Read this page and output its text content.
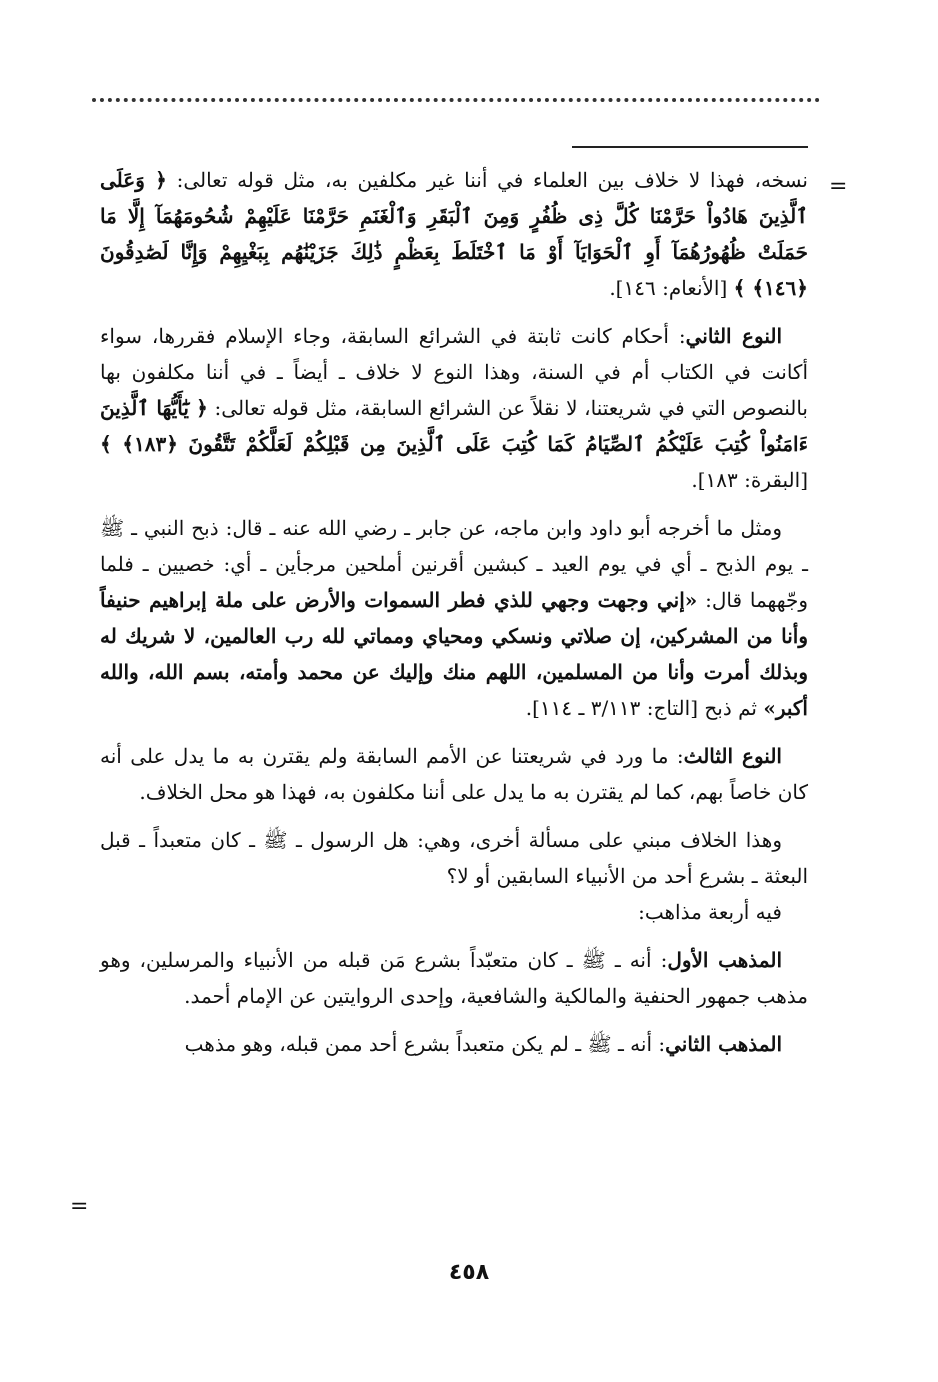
=
=

نسخه، فهذا لا خلاف بين العلماء في أننا غير مكلفين به، مثل قوله تعالى: ﴿ وَعَلَى ٱلَّذِينَ هَادُواْ حَرَّمْنَا كُلَّ ذِى ظُفُرٍ وَمِنَ ٱلْبَقَرِ وَٱلْغَنَمِ حَرَّمْنَا عَلَيْهِمْ شُحُومَهُمَآ إِلَّا مَا حَمَلَتْ ظُهُورُهُمَآ أَوِ ٱلْحَوَايَآ أَوْ مَا ٱخْتَلَطَ بِعَظْمٍ ذَٰلِكَ جَزَيْنَٰهُم بِبَغْيِهِمْ وَإِنَّا لَصَٰدِقُونَ ﴿١٤٦﴾ ﴾ [الأنعام: ١٤٦].

النوع الثاني: أحكام كانت ثابتة في الشرائع السابقة، وجاء الإسلام فقررها، سواء أكانت في الكتاب أم في السنة، وهذا النوع لا خلاف ـ أيضاً ـ في أننا مكلفون بها بالنصوص التي في شريعتنا، لا نقلاً عن الشرائع السابقة، مثل قوله تعالى: ﴿ يَٰٓأَيُّهَا ٱلَّذِينَ ءَامَنُواْ كُتِبَ عَلَيْكُمُ ٱلصِّيَامُ كَمَا كُتِبَ عَلَى ٱلَّذِينَ مِن قَبْلِكُمْ لَعَلَّكُمْ تَتَّقُونَ ﴿١٨٣﴾ ﴾ [البقرة: ١٨٣].

ومثل ما أخرجه أبو داود وابن ماجه، عن جابر ـ رضي الله عنه ـ قال: ذبح النبي ـ ﷺ ـ يوم الذبح ـ أي في يوم العيد ـ كبشين أقرنين أملحين مرجأين ـ أي: خصيين ـ فلما وجّههما قال: «إني وجهت وجهي للذي فطر السموات والأرض على ملة إبراهيم حنيفاً وأنا من المشركين، إن صلاتي ونسكي ومحياي ومماتي لله رب العالمين، لا شريك له وبذلك أمرت وأنا من المسلمين، اللهم منك وإليك عن محمد وأمته، بسم الله، والله أكبر» ثم ذبح [التاج: ٣/١١٣ ـ ١١٤].

النوع الثالث: ما ورد في شريعتنا عن الأمم السابقة ولم يقترن به ما يدل على أنه كان خاصاً بهم، كما لم يقترن به ما يدل على أننا مكلفون به، فهذا هو محل الخلاف.

وهذا الخلاف مبني على مسألة أخرى، وهي: هل الرسول ـ ﷺ ـ كان متعبداً ـ قبل البعثة ـ بشرع أحد من الأنبياء السابقين أو لا؟

فيه أربعة مذاهب:

المذهب الأول: أنه ـ ﷺ ـ كان متعبّداً بشرع مَن قبله من الأنبياء والمرسلين، وهو مذهب جمهور الحنفية والمالكية والشافعية، وإحدى الروايتين عن الإمام أحمد.

المذهب الثاني: أنه ـ ﷺ ـ لم يكن متعبداً بشرع أحد ممن قبله، وهو مذهب

٤٥٨
